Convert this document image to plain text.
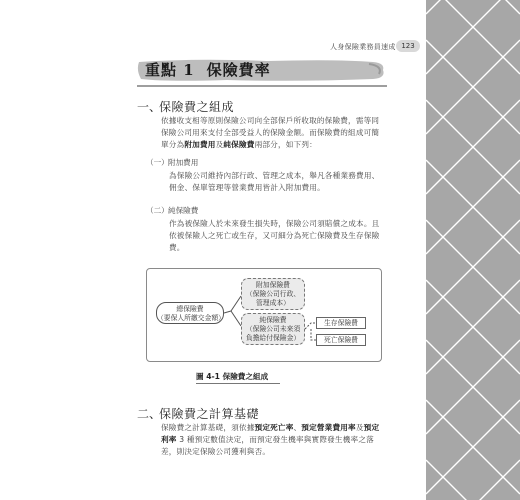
人身保險業務員速成 123
重點 1 保險費率
一、保險費之組成
依據收支相等原則保險公司向全部保戶所收取的保險費，需等同
保險公司用來支付全部受益人的保險金額。而保險費的組成可簡
單分為附加費用及純保險費兩部分，如下列：
（一）附加費用
為保險公司維持內部行政、管理之成本，舉凡各種業務費用、
佣金、保單管理等營業費用皆計入附加費用。
（二）純保險費
作為被保險人於未來發生損失時，保險公司須賠償之成本。且
依被保險人之死亡或生存，又可細分為死亡保險費及生存保險
費。
總保險費
（要保人所繳交金額）
附加保險費
（保險公司行政、
管理成本）
純保險費
（保險公司未來須
負擔給付保險金）
生存保險費
死亡保險費
圖 4-1 保險費之組成
二、保險費之計算基礎
保險費之計算基礎，須依據預定死亡率、預定營業費用率及預定
利率 3 種預定數值決定，而預定發生機率與實際發生機率之落
差，則決定保險公司獲利與否。
